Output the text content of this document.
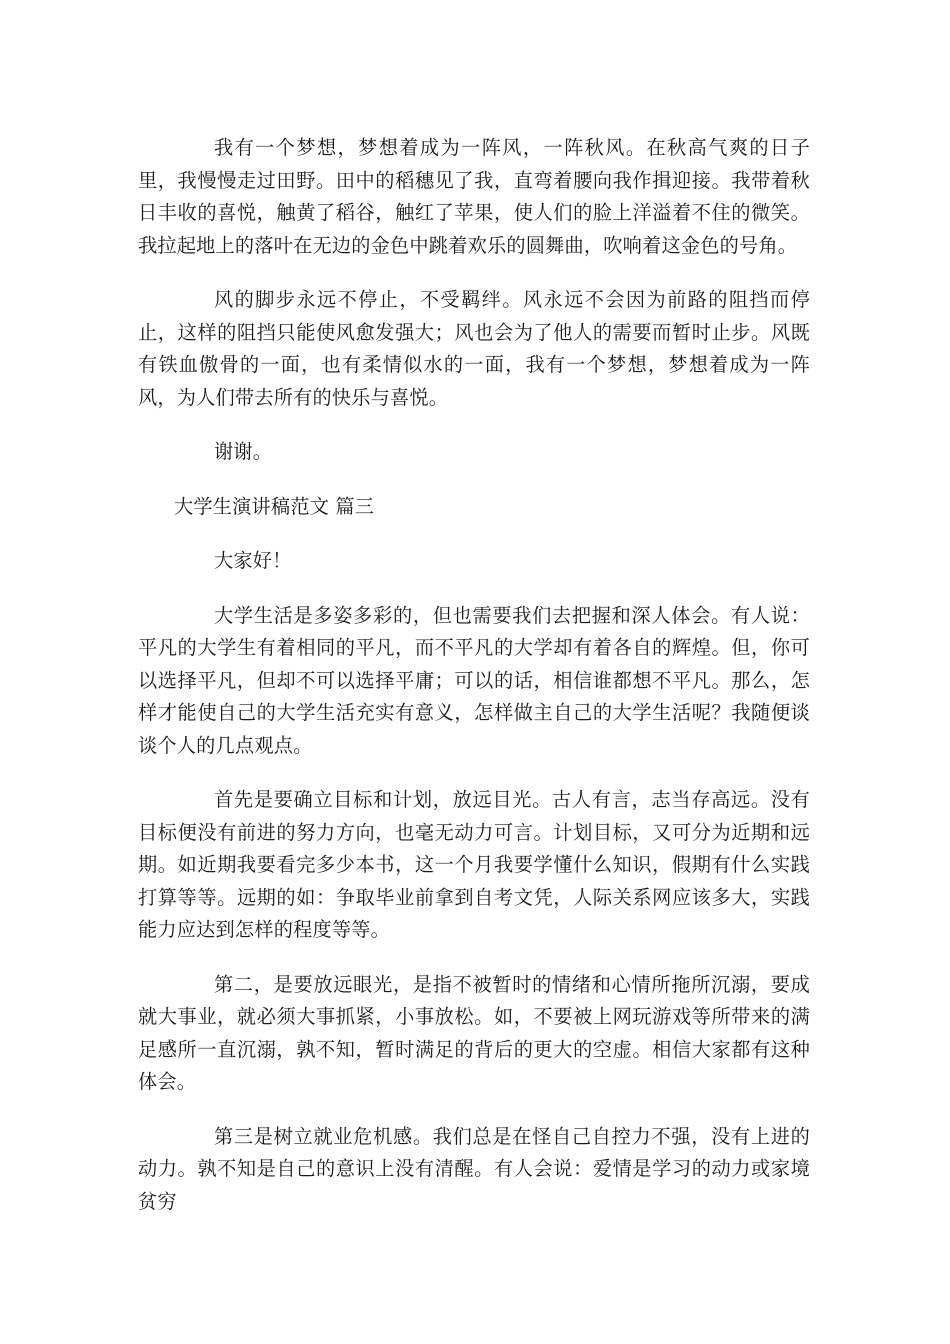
我有一个梦想，梦想着成为一阵风，一阵秋风。在秋高气爽的日子里，我慢慢走过田野。田中的稻穗见了我，直弯着腰向我作揖迎接。我带着秋日丰收的喜悦，触黄了稻谷，触红了苹果，使人们的脸上洋溢着不住的微笑。我拉起地上的落叶在无边的金色中跳着欢乐的圆舞曲，吹响着这金色的号角。

风的脚步永远不停止，不受羁绊。风永远不会因为前路的阻挡而停止，这样的阻挡只能使风愈发强大；风也会为了他人的需要而暂时止步。风既有铁血傲骨的一面，也有柔情似水的一面，我有一个梦想，梦想着成为一阵风，为人们带去所有的快乐与喜悦。

谢谢。

大学生演讲稿范文 篇三

大家好！

大学生活是多姿多彩的，但也需要我们去把握和深人体会。有人说：平凡的大学生有着相同的平凡，而不平凡的大学却有着各自的辉煌。但，你可以选择平凡，但却不可以选择平庸；可以的话，相信谁都想不平凡。那么，怎样才能使自己的大学生活充实有意义，怎样做主自己的大学生活呢？我随便谈谈个人的几点观点。

首先是要确立目标和计划，放远目光。古人有言，志当存高远。没有目标便没有前进的努力方向，也毫无动力可言。计划目标，又可分为近期和远期。如近期我要看完多少本书，这一个月我要学懂什么知识，假期有什么实践打算等等。远期的如：争取毕业前拿到自考文凭，人际关系网应该多大，实践能力应达到怎样的程度等等。

第二，是要放远眼光，是指不被暂时的情绪和心情所拖所沉溺，要成就大事业，就必须大事抓紧，小事放松。如，不要被上网玩游戏等所带来的满足感所一直沉溺，孰不知，暂时满足的背后的更大的空虚。相信大家都有这种体会。

第三是树立就业危机感。我们总是在怪自己自控力不强，没有上进的动力。孰不知是自己的意识上没有清醒。有人会说：爱情是学习的动力或家境贫穷
